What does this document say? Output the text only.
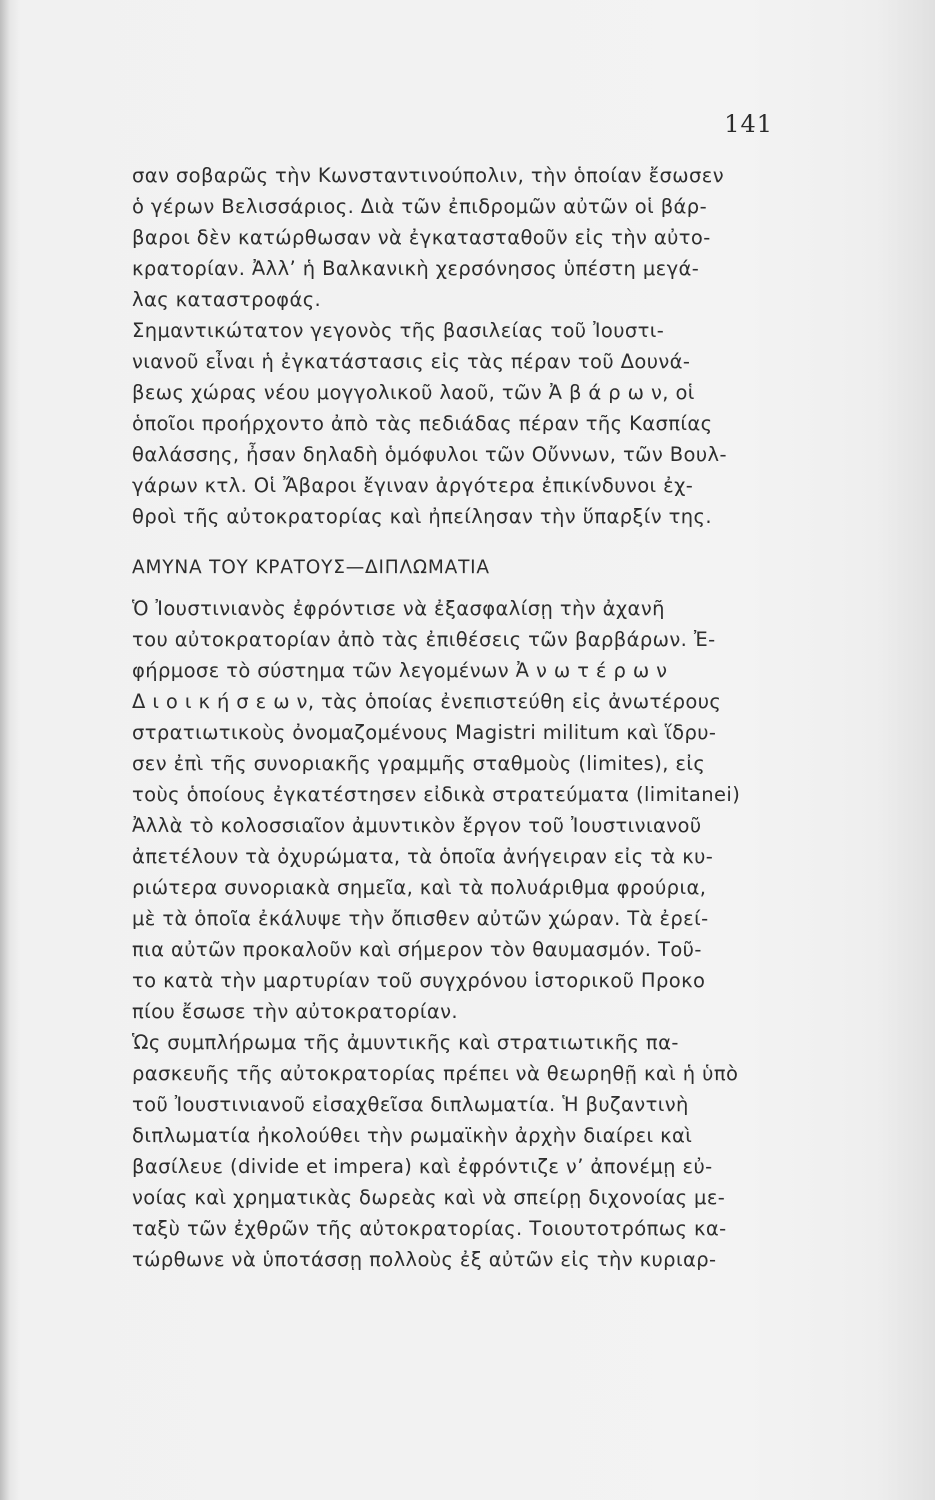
141
σαν σοβαρῶς τὴν Κωνσταντινούπολιν, τὴν ὁποίαν ἔσωσεν
ὁ γέρων Βελισσάριος. Διὰ τῶν ἐπιδρομῶν αὐτῶν οἱ βάρ-
βαροι δὲν κατώρθωσαν νὰ ἐγκατασταθοῦν εἰς τὴν αὐτο-
κρατορίαν. Ἀλλ’ ἡ Βαλκανικὴ χερσόνησος ὑπέστη μεγά-
λας καταστροφάς.
Σημαντικώτατον γεγονὸς τῆς βασιλείας τοῦ Ἰουστι-
νιανοῦ εἶναι ἡ ἐγκατάστασις εἰς τὰς πέραν τοῦ Δουνά-
βεως χώρας νέου μογγολικοῦ λαοῦ, τῶν Ἀ β ά ρ ω ν, οἱ
ὁποῖοι προήρχοντο ἀπὸ τὰς πεδιάδας πέραν τῆς Κασπίας
θαλάσσης, ἦσαν δηλαδὴ ὁμόφυλοι τῶν Οὔννων, τῶν Βουλ-
γάρων κτλ. Οἱ Ἄβαροι ἔγιναν ἀργότερα ἐπικίνδυνοι ἐχ-
θροὶ τῆς αὐτοκρατορίας καὶ ἠπείλησαν τὴν ὕπαρξίν της.
ΑΜΥΝΑ ΤΟΥ ΚΡΑΤΟΥΣ—ΔΙΠΛΩΜΑΤΙΑ
Ὁ Ἰουστινιανὸς ἐφρόντισε νὰ ἐξασφαλίσῃ τὴν ἀχανῆ
του αὐτοκρατορίαν ἀπὸ τὰς ἐπιθέσεις τῶν βαρβάρων. Ἐ-
φήρμοσε τὸ σύστημα τῶν λεγομένων Ἀ ν ω τ έ ρ ω ν
Δ ι ο ι κ ή σ ε ω ν, τὰς ὁποίας ἐνεπιστεύθη εἰς ἀνωτέρους
στρατιωτικοὺς ὀνομαζομένους Magistri militum καὶ ἵδρυ-
σεν ἐπὶ τῆς συνοριακῆς γραμμῆς σταθμοὺς (limites), εἰς
τοὺς ὁποίους ἐγκατέστησεν εἰδικὰ στρατεύματα (limitanei)
Ἀλλὰ τὸ κολοσσιαῖον ἀμυντικὸν ἔργον τοῦ Ἰουστινιανοῦ
ἀπετέλουν τὰ ὀχυρώματα, τὰ ὁποῖα ἀνήγειραν εἰς τὰ κυ-
ριώτερα συνοριακὰ σημεῖα, καὶ τὰ πολυάριθμα φρούρια,
μὲ τὰ ὁποῖα ἐκάλυψε τὴν ὄπισθεν αὐτῶν χώραν. Τὰ ἐρεί-
πια αὐτῶν προκαλοῦν καὶ σήμερον τὸν θαυμασμόν. Τοῦ-
το κατὰ τὴν μαρτυρίαν τοῦ συγχρόνου ἱστορικοῦ Προκο
πίου ἔσωσε τὴν αὐτοκρατορίαν.
Ὡς συμπλήρωμα τῆς ἀμυντικῆς καὶ στρατιωτικῆς πα-
ρασκευῆς τῆς αὐτοκρατορίας πρέπει νὰ θεωρηθῇ καὶ ἡ ὑπὸ
τοῦ Ἰουστινιανοῦ εἰσαχθεῖσα διπλωματία. Ἡ βυζαντινὴ
διπλωματία ἠκολούθει τὴν ρωμαϊκὴν ἀρχὴν διαίρει καὶ
βασίλευε (divide et impera) καὶ ἐφρόντιζε ν’ ἀπονέμῃ εὐ-
νοίας καὶ χρηματικὰς δωρεὰς καὶ νὰ σπείρῃ διχονοίας με-
ταξὺ τῶν ἐχθρῶν τῆς αὐτοκρατορίας. Τοιουτοτρόπως κα-
τώρθωνε νὰ ὑποτάσσῃ πολλοὺς ἐξ αὐτῶν εἰς τὴν κυριαρ-
